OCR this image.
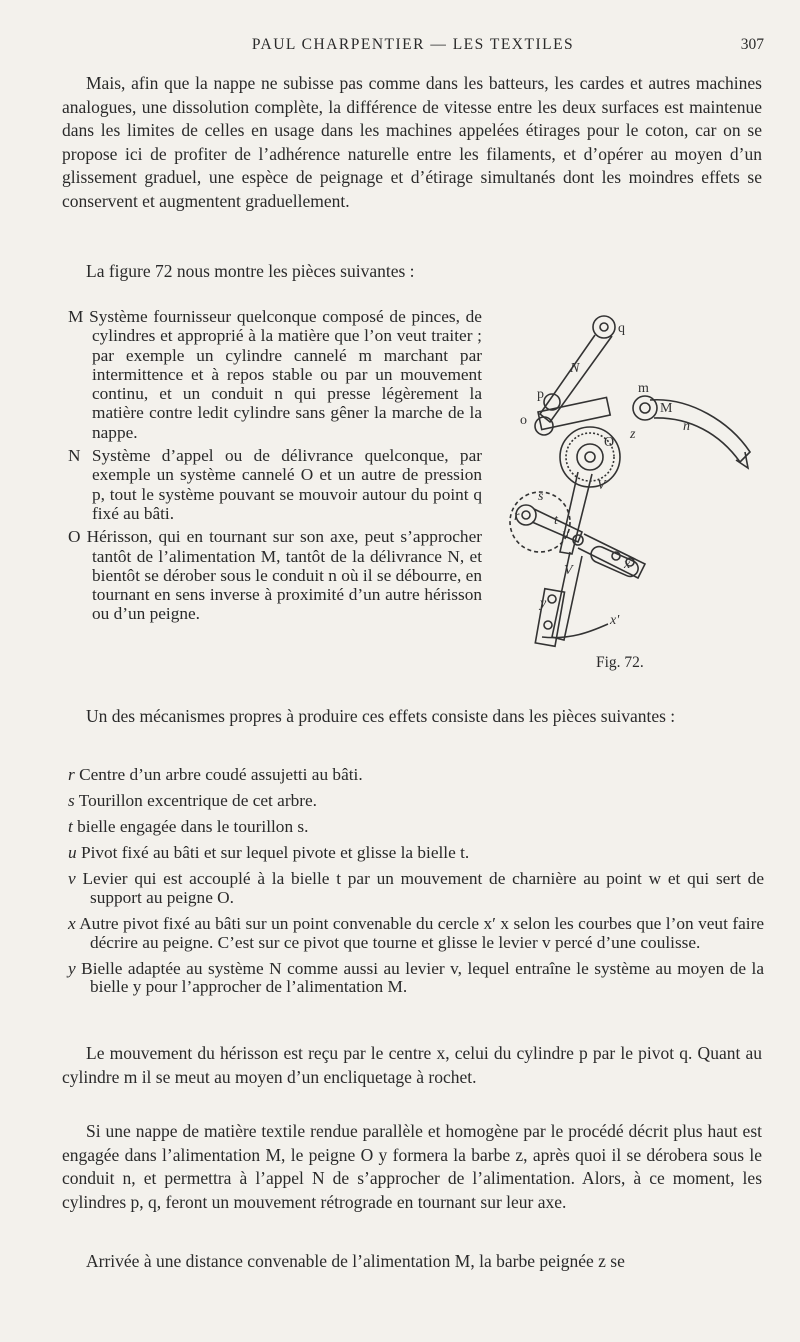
PAUL CHARPENTIER — LES TEXTILES	307

Mais, afin que la nappe ne subisse pas comme dans les batteurs, les cardes et autres machines analogues, une dissolution complète, la différence de vitesse entre les deux surfaces est maintenue dans les limites de celles en usage dans les machines appelées étirages pour le coton, car on se propose ici de profiter de l’adhérence naturelle entre les filaments, et d’opérer au moyen d’un glissement graduel, une espèce de peignage et d’étirage simultanés dont les moindres effets se conservent et augmentent graduellement.

La figure 72 nous montre les pièces suivantes :

M Système fournisseur quelconque composé de pinces, de cylindres et approprié à la matière que l’on veut traiter ; par exemple un cylindre cannelé m marchant par intermittence et à repos stable ou par un mouvement continu, et un conduit n qui presse légèrement la matière contre ledit cylindre sans gêner la marche de la nappe.

N Système d’appel ou de délivrance quelconque, par exemple un système cannelé O et un autre de pression p, tout le système pouvant se mouvoir autour du point q fixé au bâti.

O Hérisson, qui en tournant sur son axe, peut s’approcher tantôt de l’alimentation M, tantôt de la délivrance N, et bientôt se dérober sous le conduit n où il se débourre, en tournant en sens inverse à proximité d’un autre hérisson ou d’un peigne.

q
N
p
o
m
M
n
z
O
V
s
r t
u
V	x
x'
y
Fig. 72.

Un des mécanismes propres à produire ces effets consiste dans les pièces suivantes :

r Centre d’un arbre coudé assujetti au bâti.

s Tourillon excentrique de cet arbre.

t bielle engagée dans le tourillon s.

u Pivot fixé au bâti et sur lequel pivote et glisse la bielle t.

v Levier qui est accouplé à la bielle t par un mouvement de charnière au point w et qui sert de support au peigne O.

x Autre pivot fixé au bâti sur un point convenable du cercle x′ x selon les courbes que l’on veut faire décrire au peigne. C’est sur ce pivot que tourne et glisse le levier v percé d’une coulisse.

y Bielle adaptée au système N comme aussi au levier v, lequel entraîne le système au moyen de la bielle y pour l’approcher de l’alimentation M.

Le mouvement du hérisson est reçu par le centre x, celui du cylindre p par le pivot q. Quant au cylindre m il se meut au moyen d’un encliquetage à rochet.

Si une nappe de matière textile rendue parallèle et homogène par le procédé décrit plus haut est engagée dans l’alimentation M, le peigne O y formera la barbe z, après quoi il se dérobera sous le conduit n, et permettra à l’appel N de s’approcher de l’alimentation. Alors, à ce moment, les cylindres p, q, feront un mouvement rétrograde en tournant sur leur axe.

Arrivée à une distance convenable de l’alimentation M, la barbe peignée z se
